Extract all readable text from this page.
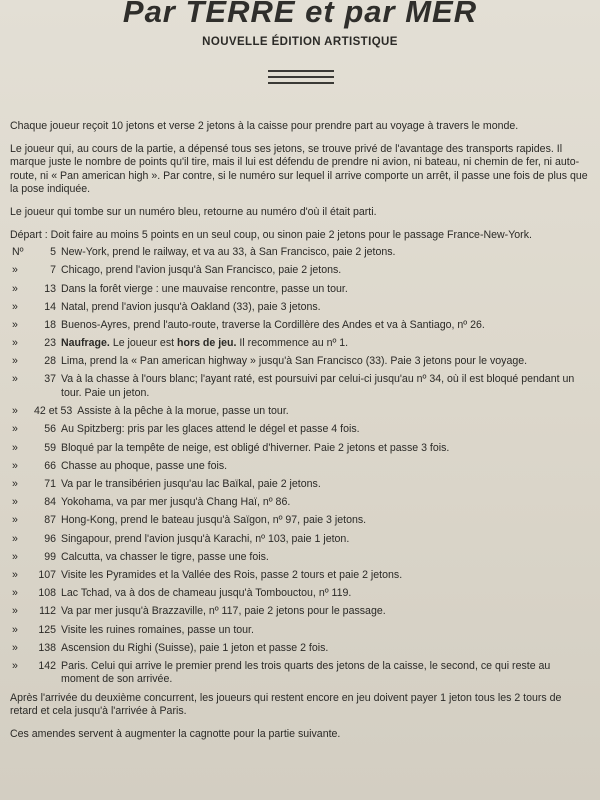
Par TERRE et par MER
NOUVELLE ÉDITION ARTISTIQUE

Chaque joueur reçoit 10 jetons et verse 2 jetons à la caisse pour prendre part au voyage à travers le monde.

Le joueur qui, au cours de la partie, a dépensé tous ses jetons, se trouve privé de l'avantage des transports rapides. Il marque juste le nombre de points qu'il tire, mais il lui est défendu de prendre ni avion, ni bateau, ni chemin de fer, ni auto-route, ni « Pan american high ». Par contre, si le numéro sur lequel il arrive comporte un arrêt, il passe une fois de plus que la pose indiquée.

Le joueur qui tombe sur un numéro bleu, retourne au numéro d'où il était parti.

Départ : Doit faire au moins 5 points en un seul coup, ou sinon paie 2 jetons pour le passage France-New-York.

Nº	5 New-York, prend le railway, et va au 33, à San Francisco, paie 2 jetons.
»	7 Chicago, prend l'avion jusqu'à San Francisco, paie 2 jetons.
»	13 Dans la forêt vierge : une mauvaise rencontre, passe un tour.
»	14 Natal, prend l'avion jusqu'à Oakland (33), paie 3 jetons.
»	18 Buenos-Ayres, prend l'auto-route, traverse la Cordillère des Andes et va à Santiago, nº 26.
»	23 Naufrage. Le joueur est hors de jeu. Il recommence au nº 1.
»	28 Lima, prend la « Pan american highway » jusqu'à San Francisco (33). Paie 3 jetons pour le voyage.
»	37 Va à la chasse à l'ours blanc; l'ayant raté, est poursuivi par celui-ci jusqu'au nº 34, où il est bloqué pendant un tour. Paie un jeton.
»	42 et 53 Assiste à la pêche à la morue, passe un tour.
»	56 Au Spitzberg: pris par les glaces attend le dégel et passe 4 fois.
»	59 Bloqué par la tempête de neige, est obligé d'hiverner. Paie 2 jetons et passe 3 fois.
»	66 Chasse au phoque, passe une fois.
»	71 Va par le transibérien jusqu'au lac Baïkal, paie 2 jetons.
»	84 Yokohama, va par mer jusqu'à Chang Haï, nº 86.
»	87 Hong-Kong, prend le bateau jusqu'à Saïgon, nº 97, paie 3 jetons.
»	96 Singapour, prend l'avion jusqu'à Karachi, nº 103, paie 1 jeton.
»	99 Calcutta, va chasser le tigre, passe une fois.
»	107 Visite les Pyramides et la Vallée des Rois, passe 2 tours et paie 2 jetons.
»	108 Lac Tchad, va à dos de chameau jusqu'à Tombouctou, nº 119.
»	112 Va par mer jusqu'à Brazzaville, nº 117, paie 2 jetons pour le passage.
»	125 Visite les ruines romaines, passe un tour.
»	138 Ascension du Righi (Suisse), paie 1 jeton et passe 2 fois.
»	142 Paris. Celui qui arrive le premier prend les trois quarts des jetons de la caisse, le second, ce qui reste au moment de son arrivée.

Après l'arrivée du deuxième concurrent, les joueurs qui restent encore en jeu doivent payer 1 jeton tous les 2 tours de retard et cela jusqu'à l'arrivée à Paris.

Ces amendes servent à augmenter la cagnotte pour la partie suivante.
